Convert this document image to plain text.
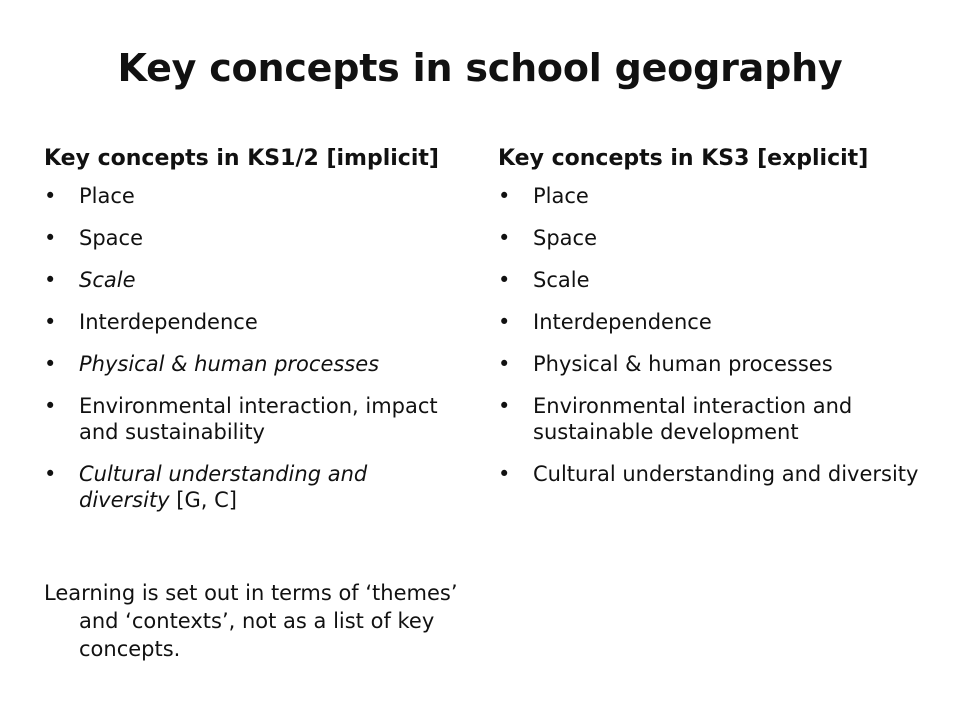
Key concepts in school geography
Key concepts in KS1/2 [implicit]
• Place
• Space
• Scale
• Interdependence
• Physical & human processes
• Environmental interaction, impact and sustainability
• Cultural understanding and diversity [G, C]
Learning is set out in terms of ‘themes’ and ‘contexts’, not as a list of key concepts.
Key concepts in KS3 [explicit]
• Place
• Space
• Scale
• Interdependence
• Physical & human processes
• Environmental interaction and sustainable development
• Cultural understanding and diversity
